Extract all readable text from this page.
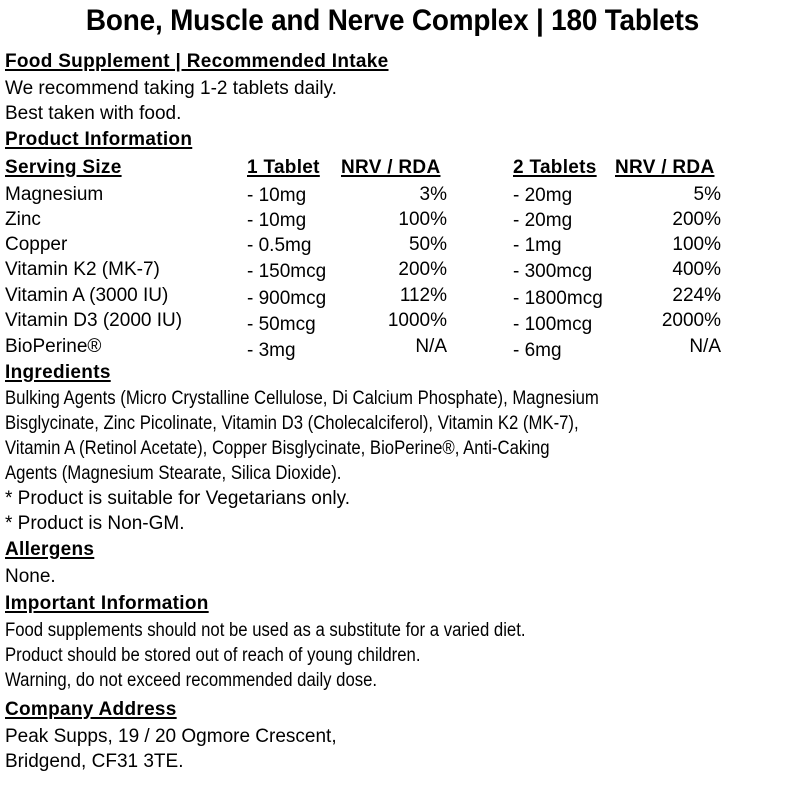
Bone, Muscle and Nerve Complex | 180 Tablets
Food Supplement | Recommended Intake
We recommend taking 1-2 tablets daily.
Best taken with food.
Product Information
Serving Size	1 Tablet NRV / RDA	2 Tablets NRV / RDA
Magnesium	- 10mg	3%	- 20mg	5%
Zinc	- 10mg	100%	- 20mg	200%
Copper	- 0.5mg	50%	- 1mg	100%
Vitamin K2 (MK-7)	- 150mcg	200%	- 300mcg	400%
Vitamin A (3000 IU)	- 900mcg	112%	- 1800mcg	224%
Vitamin D3 (2000 IU)	- 50mcg	1000%	- 100mcg	2000%
BioPerine®	- 3mg	N/A	- 6mg	N/A
Ingredients
Bulking Agents (Micro Crystalline Cellulose, Di Calcium Phosphate), Magnesium
Bisglycinate, Zinc Picolinate, Vitamin D3 (Cholecalciferol), Vitamin K2 (MK-7),
Vitamin A (Retinol Acetate), Copper Bisglycinate, BioPerine®, Anti-Caking
Agents (Magnesium Stearate, Silica Dioxide).
* Product is suitable for Vegetarians only.
* Product is Non-GM.
Allergens
None.
Important Information
Food supplements should not be used as a substitute for a varied diet.
Product should be stored out of reach of young children.
Warning, do not exceed recommended daily dose.
Company Address
Peak Supps, 19 / 20 Ogmore Crescent,
Bridgend, CF31 3TE.
